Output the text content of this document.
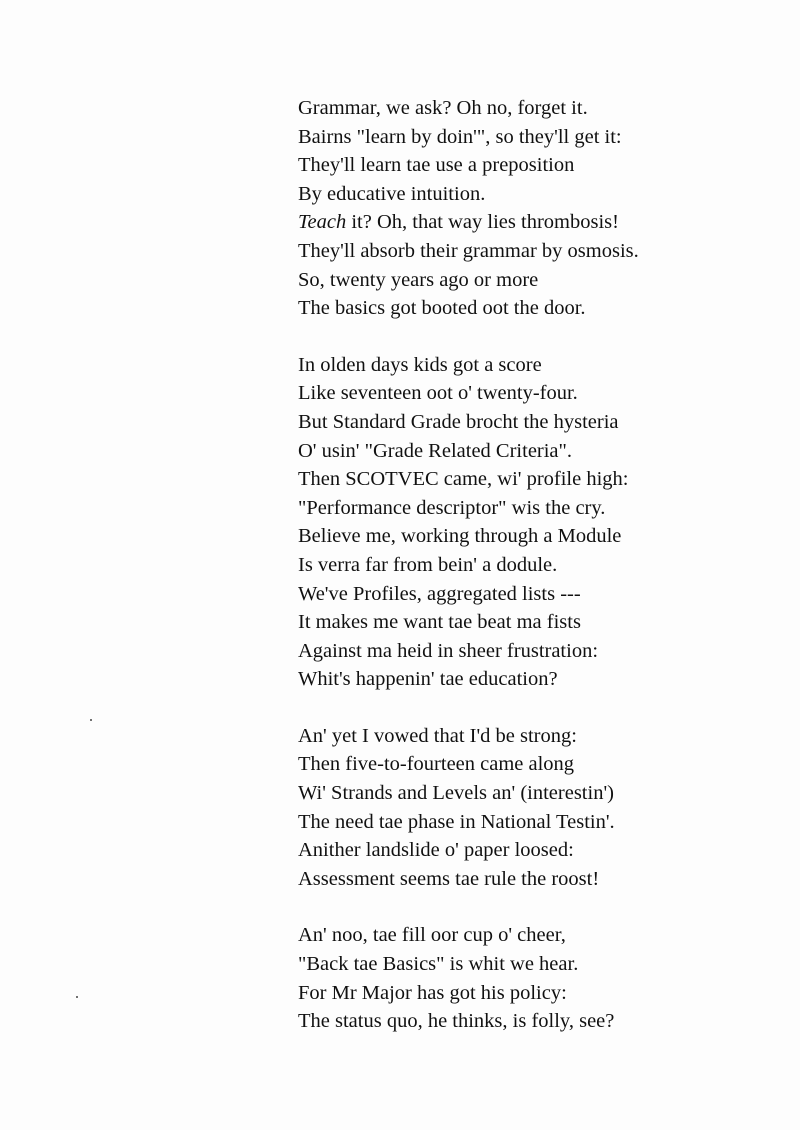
Grammar, we ask? Oh no, forget it.
Bairns "learn by doin'", so they'll get it:
They'll learn tae use a preposition
By educative intuition.
Teach it? Oh, that way lies thrombosis!
They'll absorb their grammar by osmosis.
So, twenty years ago or more
The basics got booted oot the door.
In olden days kids got a score
Like seventeen oot o' twenty-four.
But Standard Grade brocht the hysteria
O' usin' "Grade Related Criteria".
Then SCOTVEC came, wi' profile high:
"Performance descriptor" wis the cry.
Believe me, working through a Module
Is verra far from bein' a dodule.
We've Profiles, aggregated lists ---
It makes me want tae beat ma fists
Against ma heid in sheer frustration:
Whit's happenin' tae education?
An' yet I vowed that I'd be strong:
Then five-to-fourteen came along
Wi' Strands and Levels an' (interestin')
The need tae phase in National Testin'.
Anither landslide o' paper loosed:
Assessment seems tae rule the roost!
An' noo, tae fill oor cup o' cheer,
"Back tae Basics" is whit we hear.
For Mr Major has got his policy:
The status quo, he thinks, is folly, see?
